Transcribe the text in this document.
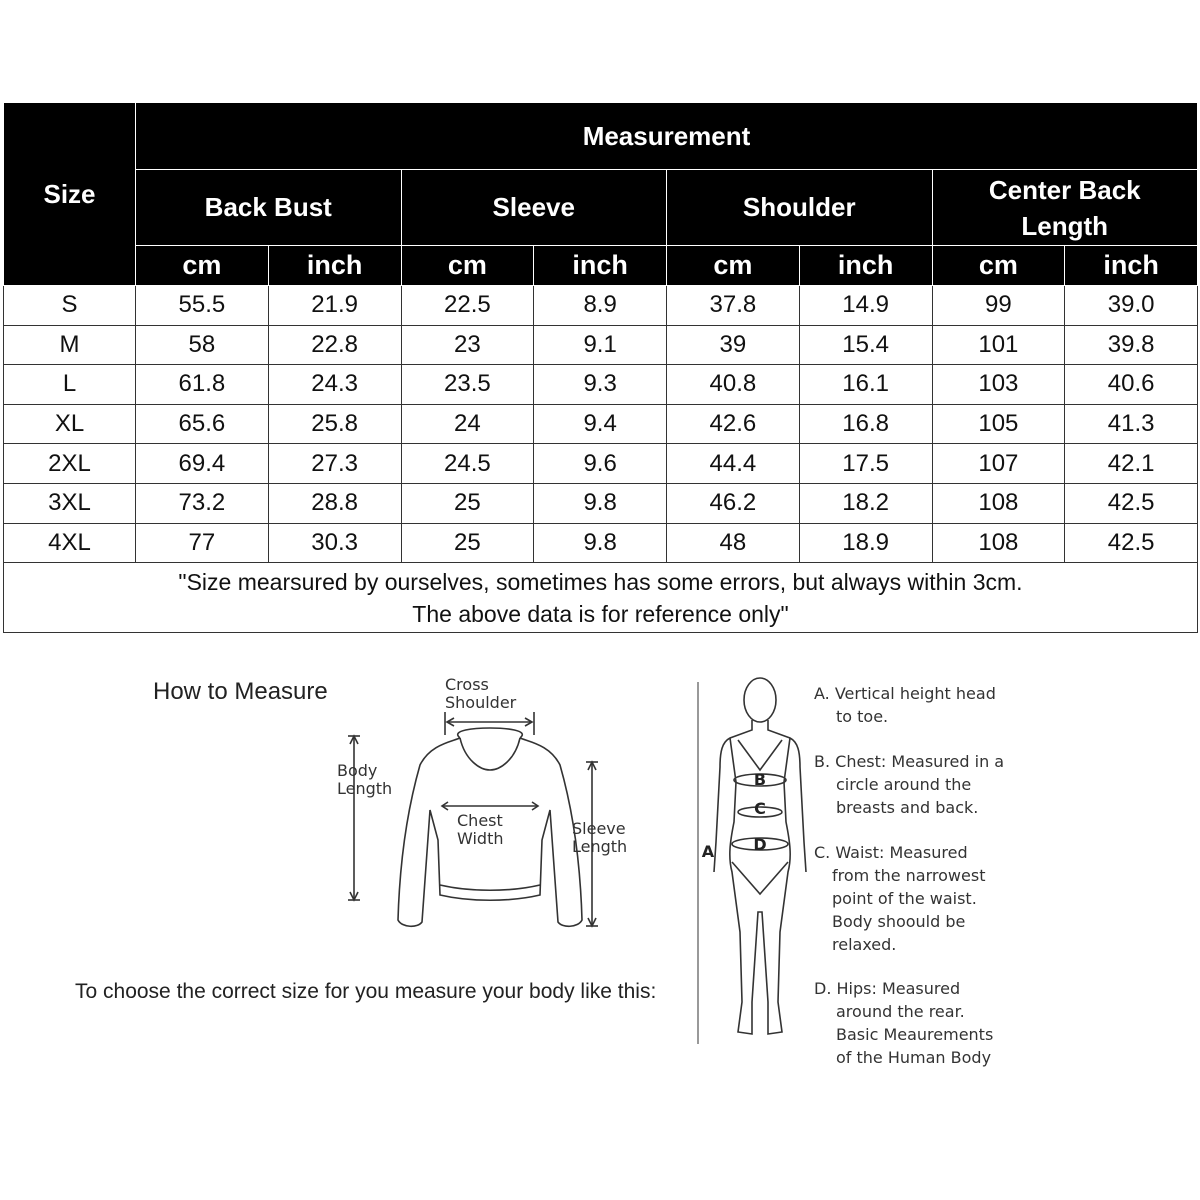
Size	Measurement							
	Back Bust		Sleeve		Shoulder		Center Back Length	
	cm	inch	cm	inch	cm	inch	cm	inch
S	55.5	21.9	22.5	8.9	37.8	14.9	99	39.0
M	58	22.8	23	9.1	39	15.4	101	39.8
L	61.8	24.3	23.5	9.3	40.8	16.1	103	40.6
XL	65.6	25.8	24	9.4	42.6	16.8	105	41.3
2XL	69.4	27.3	24.5	9.6	44.4	17.5	107	42.1
3XL	73.2	28.8	25	9.8	46.2	18.2	108	42.5
4XL	77	30.3	25	9.8	48	18.9	108	42.5

"Size mearsured by ourselves, sometimes has some errors, but always within 3cm.
The above data is for reference only"								
How to Measure	Cross
Shoulder
Body
Length
Chest
Width
Sleeve
Length
To choose the correct size for you measure your body like this:
B
C
D
A
A. Vertical height head
to toe.
B. Chest: Measured in a
circle around the
breasts and back.
C. Waist: Measured
from the narrowest
point of the waist.
Body shoould be
relaxed.
D. Hips: Measured
around the rear.
Basic Meaurements
of the Human Body
